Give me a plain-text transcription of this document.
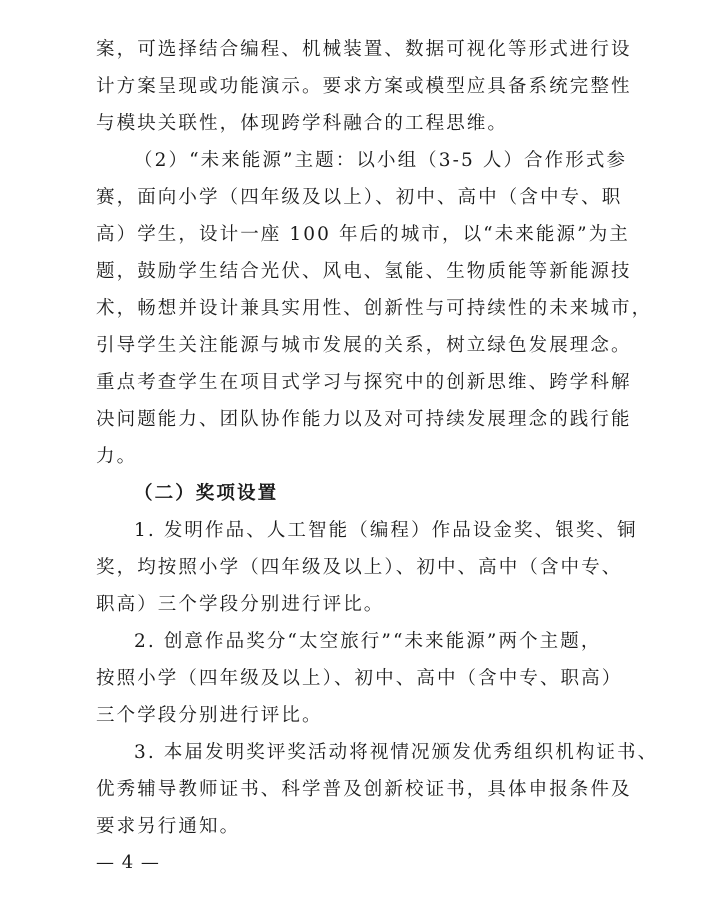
案，可选择结合编程、机械装置、数据可视化等形式进行设
计方案呈现或功能演示。要求方案或模型应具备系统完整性
与模块关联性，体现跨学科融合的工程思维。
（2）“未来能源”主题：以小组（3-5 人）合作形式参
赛，面向小学（四年级及以上）、初中、高中（含中专、职
高）学生，设计一座 100 年后的城市，以“未来能源”为主
题，鼓励学生结合光伏、风电、氢能、生物质能等新能源技
术，畅想并设计兼具实用性、创新性与可持续性的未来城市，
引导学生关注能源与城市发展的关系，树立绿色发展理念。
重点考查学生在项目式学习与探究中的创新思维、跨学科解
决问题能力、团队协作能力以及对可持续发展理念的践行能
力。
（二）奖项设置
1. 发明作品、人工智能（编程）作品设金奖、银奖、铜
奖，均按照小学（四年级及以上）、初中、高中（含中专、
职高）三个学段分别进行评比。
2. 创意作品奖分“太空旅行”“未来能源”两个主题，
按照小学（四年级及以上）、初中、高中（含中专、职高）
三个学段分别进行评比。
3. 本届发明奖评奖活动将视情况颁发优秀组织机构证书、
优秀辅导教师证书、科学普及创新校证书，具体申报条件及
要求另行通知。
— 4 —
